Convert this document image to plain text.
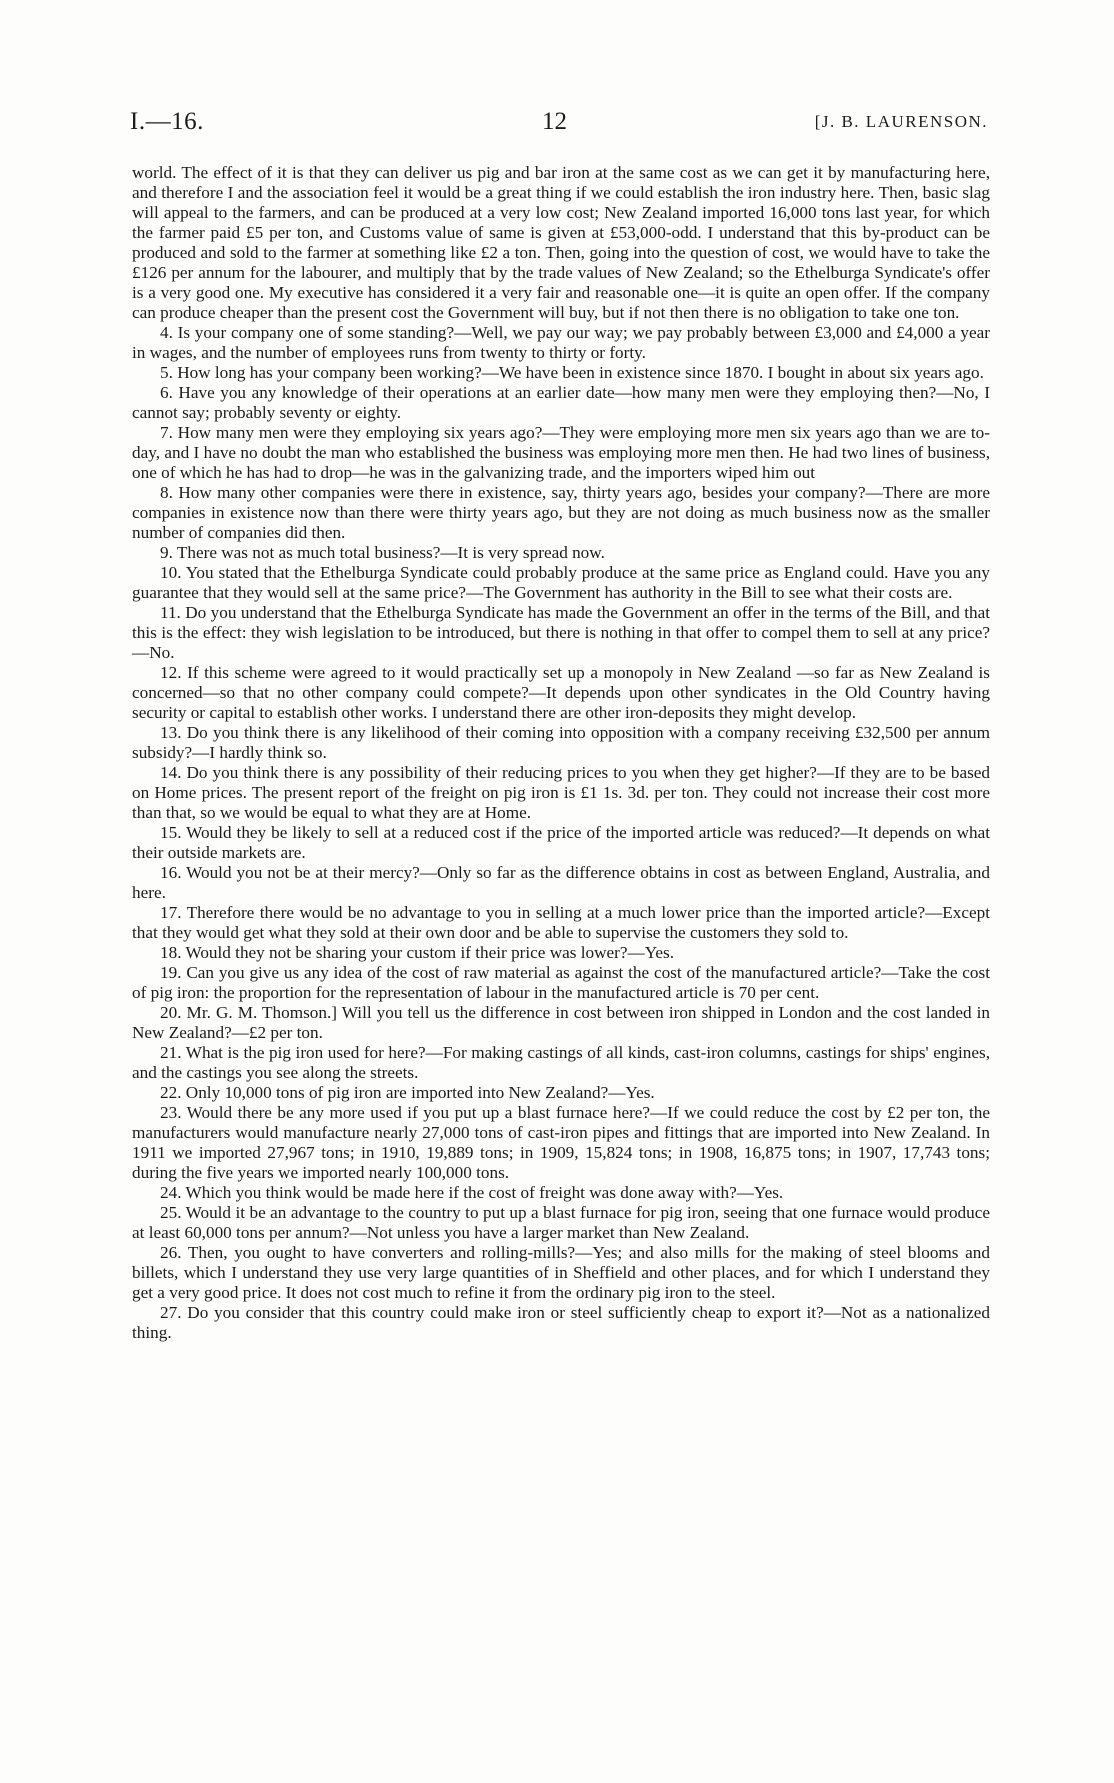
I.—16.	12	[J. B. LAURENSON.

world. The effect of it is that they can deliver us pig and bar iron at the same cost as we can get it by manufacturing here, and therefore I and the association feel it would be a great thing if we could establish the iron industry here. Then, basic slag will appeal to the farmers, and can be produced at a very low cost; New Zealand imported 16,000 tons last year, for which the farmer paid £5 per ton, and Customs value of same is given at £53,000-odd. I understand that this by-product can be produced and sold to the farmer at something like £2 a ton. Then, going into the question of cost, we would have to take the £126 per annum for the labourer, and multiply that by the trade values of New Zealand; so the Ethelburga Syndicate's offer is a very good one. My executive has considered it a very fair and reasonable one—it is quite an open offer. If the company can produce cheaper than the present cost the Government will buy, but if not then there is no obligation to take one ton.

4. Is your company one of some standing?—Well, we pay our way; we pay probably between £3,000 and £4,000 a year in wages, and the number of employees runs from twenty to thirty or forty.

5. How long has your company been working?—We have been in existence since 1870. I bought in about six years ago.

6. Have you any knowledge of their operations at an earlier date—how many men were they employing then?—No, I cannot say; probably seventy or eighty.

7. How many men were they employing six years ago?—They were employing more men six years ago than we are to-day, and I have no doubt the man who established the business was employing more men then. He had two lines of business, one of which he has had to drop—he was in the galvanizing trade, and the importers wiped him out

8. How many other companies were there in existence, say, thirty years ago, besides your company?—There are more companies in existence now than there were thirty years ago, but they are not doing as much business now as the smaller number of companies did then.

9. There was not as much total business?—It is very spread now.

10. You stated that the Ethelburga Syndicate could probably produce at the same price as England could. Have you any guarantee that they would sell at the same price?—The Government has authority in the Bill to see what their costs are.

11. Do you understand that the Ethelburga Syndicate has made the Government an offer in the terms of the Bill, and that this is the effect: they wish legislation to be introduced, but there is nothing in that offer to compel them to sell at any price?—No.

12. If this scheme were agreed to it would practically set up a monopoly in New Zealand —so far as New Zealand is concerned—so that no other company could compete?—It depends upon other syndicates in the Old Country having security or capital to establish other works. I understand there are other iron-deposits they might develop.

13. Do you think there is any likelihood of their coming into opposition with a company receiving £32,500 per annum subsidy?—I hardly think so.

14. Do you think there is any possibility of their reducing prices to you when they get higher?—If they are to be based on Home prices. The present report of the freight on pig iron is £1 1s. 3d. per ton. They could not increase their cost more than that, so we would be equal to what they are at Home.

15. Would they be likely to sell at a reduced cost if the price of the imported article was reduced?—It depends on what their outside markets are.

16. Would you not be at their mercy?—Only so far as the difference obtains in cost as between England, Australia, and here.

17. Therefore there would be no advantage to you in selling at a much lower price than the imported article?—Except that they would get what they sold at their own door and be able to supervise the customers they sold to.

18. Would they not be sharing your custom if their price was lower?—Yes.

19. Can you give us any idea of the cost of raw material as against the cost of the manufactured article?—Take the cost of pig iron: the proportion for the representation of labour in the manufactured article is 70 per cent.

20. Mr. G. M. Thomson.] Will you tell us the difference in cost between iron shipped in London and the cost landed in New Zealand?—£2 per ton.

21. What is the pig iron used for here?—For making castings of all kinds, cast-iron columns, castings for ships' engines, and the castings you see along the streets.

22. Only 10,000 tons of pig iron are imported into New Zealand?—Yes.

23. Would there be any more used if you put up a blast furnace here?—If we could reduce the cost by £2 per ton, the manufacturers would manufacture nearly 27,000 tons of cast-iron pipes and fittings that are imported into New Zealand. In 1911 we imported 27,967 tons; in 1910, 19,889 tons; in 1909, 15,824 tons; in 1908, 16,875 tons; in 1907, 17,743 tons; during the five years we imported nearly 100,000 tons.

24. Which you think would be made here if the cost of freight was done away with?—Yes.

25. Would it be an advantage to the country to put up a blast furnace for pig iron, seeing that one furnace would produce at least 60,000 tons per annum?—Not unless you have a larger market than New Zealand.

26. Then, you ought to have converters and rolling-mills?—Yes; and also mills for the making of steel blooms and billets, which I understand they use very large quantities of in Sheffield and other places, and for which I understand they get a very good price. It does not cost much to refine it from the ordinary pig iron to the steel.

27. Do you consider that this country could make iron or steel sufficiently cheap to export it?—Not as a nationalized thing.
